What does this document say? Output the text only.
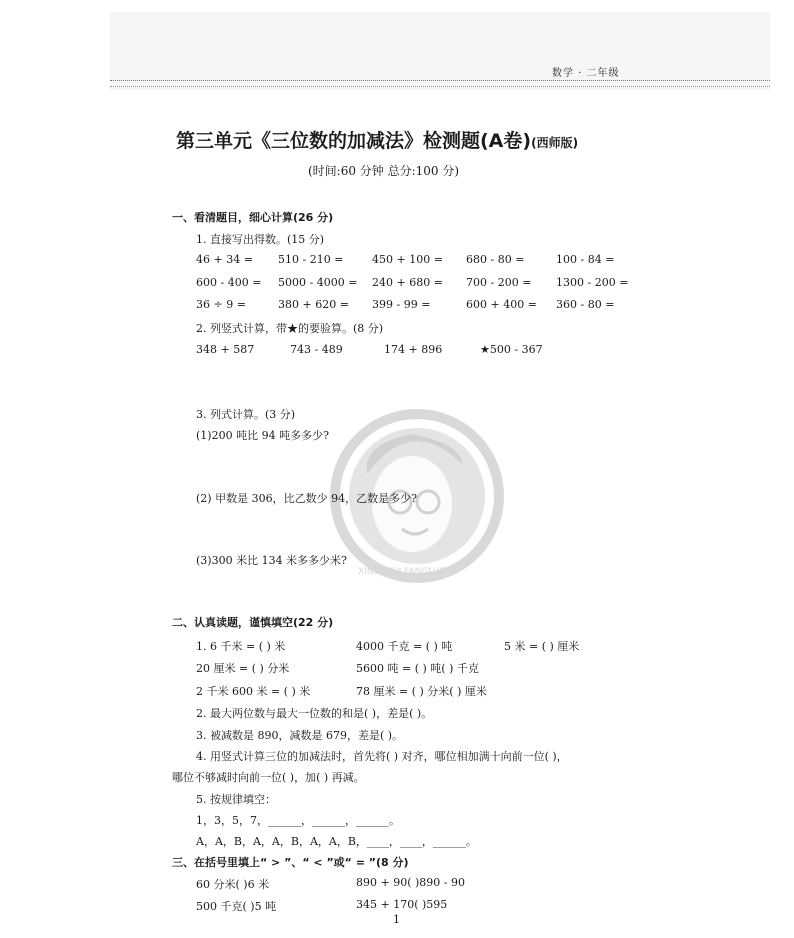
数学 · 二年级
第三单元《三位数的加减法》检测题(A卷)(西师版)
(时间:60 分钟 总分:100 分)
XINSUZHI FANGLUE
一、看清题目，细心计算(26 分)
1. 直接写出得数。(15 分)
46 + 34 = 510 - 210 =	450 + 100 = 680 - 80 =	100 - 84 =
600 - 400 = 5000 - 4000 = 240 + 680 = 700 - 200 = 1300 - 200 =
36 ÷ 9 =	380 + 620 = 399 - 99 =	600 + 400 = 360 - 80 =
2. 列竖式计算，带★的要验算。(8 分)
348 + 587	743 - 489	174 + 896	★500 - 367
3. 列式计算。(3 分)
(1)200 吨比 94 吨多多少?
(2) 甲数是 306，比乙数少 94，乙数是多少?
(3)300 米比 134 米多多少米?
二、认真读题，谨慎填空(22 分)
1. 6 千米 = ( ) 米	4000 千克 = ( ) 吨	5 米 = ( ) 厘米
20 厘米 = ( ) 分米	5600 吨 = ( ) 吨( ) 千克
2 千米 600 米 = ( ) 米	78 厘米 = ( ) 分米( ) 厘米
2. 最大两位数与最大一位数的和是( )，差是( )。
3. 被减数是 890，减数是 679，差是( )。
4. 用竖式计算三位的加减法时，首先将( ) 对齐，哪位相加满十向前一位( )，
哪位不够减时向前一位( )，加( ) 再减。
5. 按规律填空：
1，3，5，7，______，______，______。
A，A，B，A，A，B，A，A，B，____，____，______。
三、在括号里填上“ > ”、“ < ”或“ = ”(8 分)
60 分米( )6 米	890 + 90( )890 - 90
500 千克( )5 吨	345 + 170( )595
1
